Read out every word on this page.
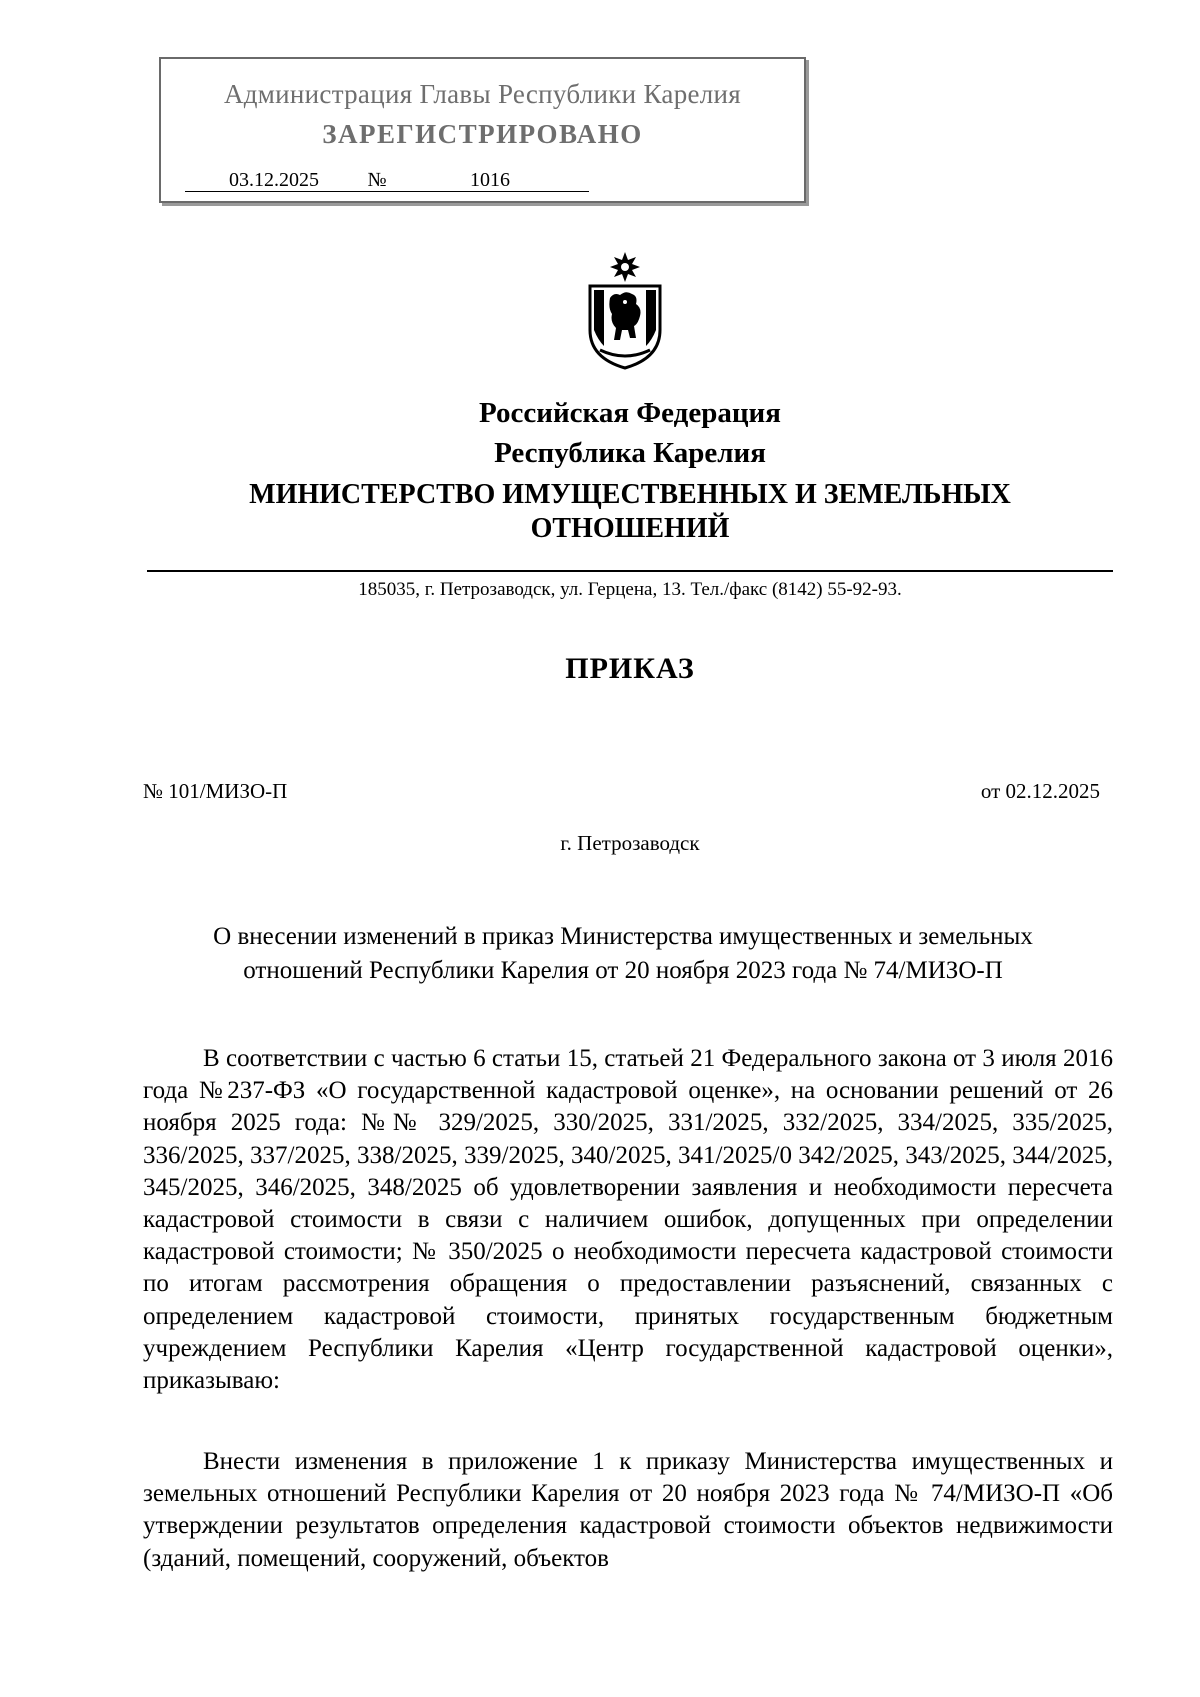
Администрация Главы Республики Карелия
ЗАРЕГИСТРИРОВАНО
03.12.2025	№	1016
Российская Федерация
Республика Карелия
МИНИСТЕРСТВО ИМУЩЕСТВЕННЫХ И ЗЕМЕЛЬНЫХ
ОТНОШЕНИЙ
185035, г. Петрозаводск, ул. Герцена, 13. Тел./факс (8142) 55-92-93.
ПРИКАЗ
№ 101/МИЗО-П	от 02.12.2025
г. Петрозаводск
О внесении изменений в приказ Министерства имущественных и земельных
отношений Республики Карелия от 20 ноября 2023 года № 74/МИЗО-П

В соответствии с частью 6 статьи 15, статьей 21 Федерального закона от 3 июля 2016 года №237-ФЗ «О государственной кадастровой оценке», на основании решений от 26 ноября 2025 года: №№ 329/2025, 330/2025, 331/2025, 332/2025, 334/2025, 335/2025, 336/2025, 337/2025, 338/2025, 339/2025, 340/2025, 341/2025/0 342/2025, 343/2025, 344/2025, 345/2025, 346/2025, 348/2025 об удовлетворении заявления и необходимости пересчета кадастровой стоимости в связи с наличием ошибок, допущенных при определении кадастровой стоимости; № 350/2025 о необходимости пересчета кадастровой стоимости по итогам рассмотрения обращения о предоставлении разъяснений, связанных с определением кадастровой стоимости, принятых государственным бюджетным учреждением Республики Карелия «Центр государственной кадастровой оценки», приказываю:

Внести изменения в приложение 1 к приказу Министерства имущественных и земельных отношений Республики Карелия от 20 ноября 2023 года № 74/МИЗО-П «Об утверждении результатов определения кадастровой стоимости объектов недвижимости (зданий, помещений, сооружений, объектов
